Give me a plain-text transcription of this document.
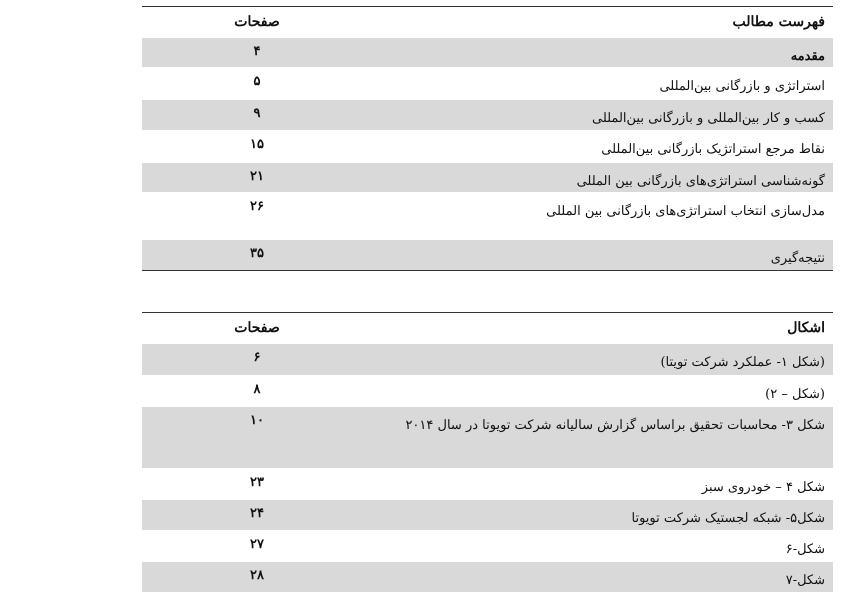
فهرست مطالب
صفحات
مقدمه
۴
استراتژی و بازرگانی بین‌المللی
۵
کسب و کار بین‌المللی و بازرگانی بین‌المللی
۹
نقاط مرجع استراتژیک بازرگانی بین‌المللی
۱۵
گونه‌شناسی استراتژی‌های بازرگانی بین المللی
۲۱
مدل‌سازی انتخاب استراتژی‌های بازرگانی بین المللی
۲۶
نتیجه‌گیری
۳۵
اشکال
صفحات
(شکل ۱- عملکرد شرکت تویتا)
۶
(شکل – ۲)
۸
شکل ۳- محاسبات تحقیق براساس گزارش سالیانه شرکت تویوتا در سال ۲۰۱۴
۱۰
شکل ۴ – خودروی سبز
۲۳
شکل۵- شبکه لجستیک شرکت تویوتا
۲۴
شکل-۶
۲۷
شکل-۷
۲۸
